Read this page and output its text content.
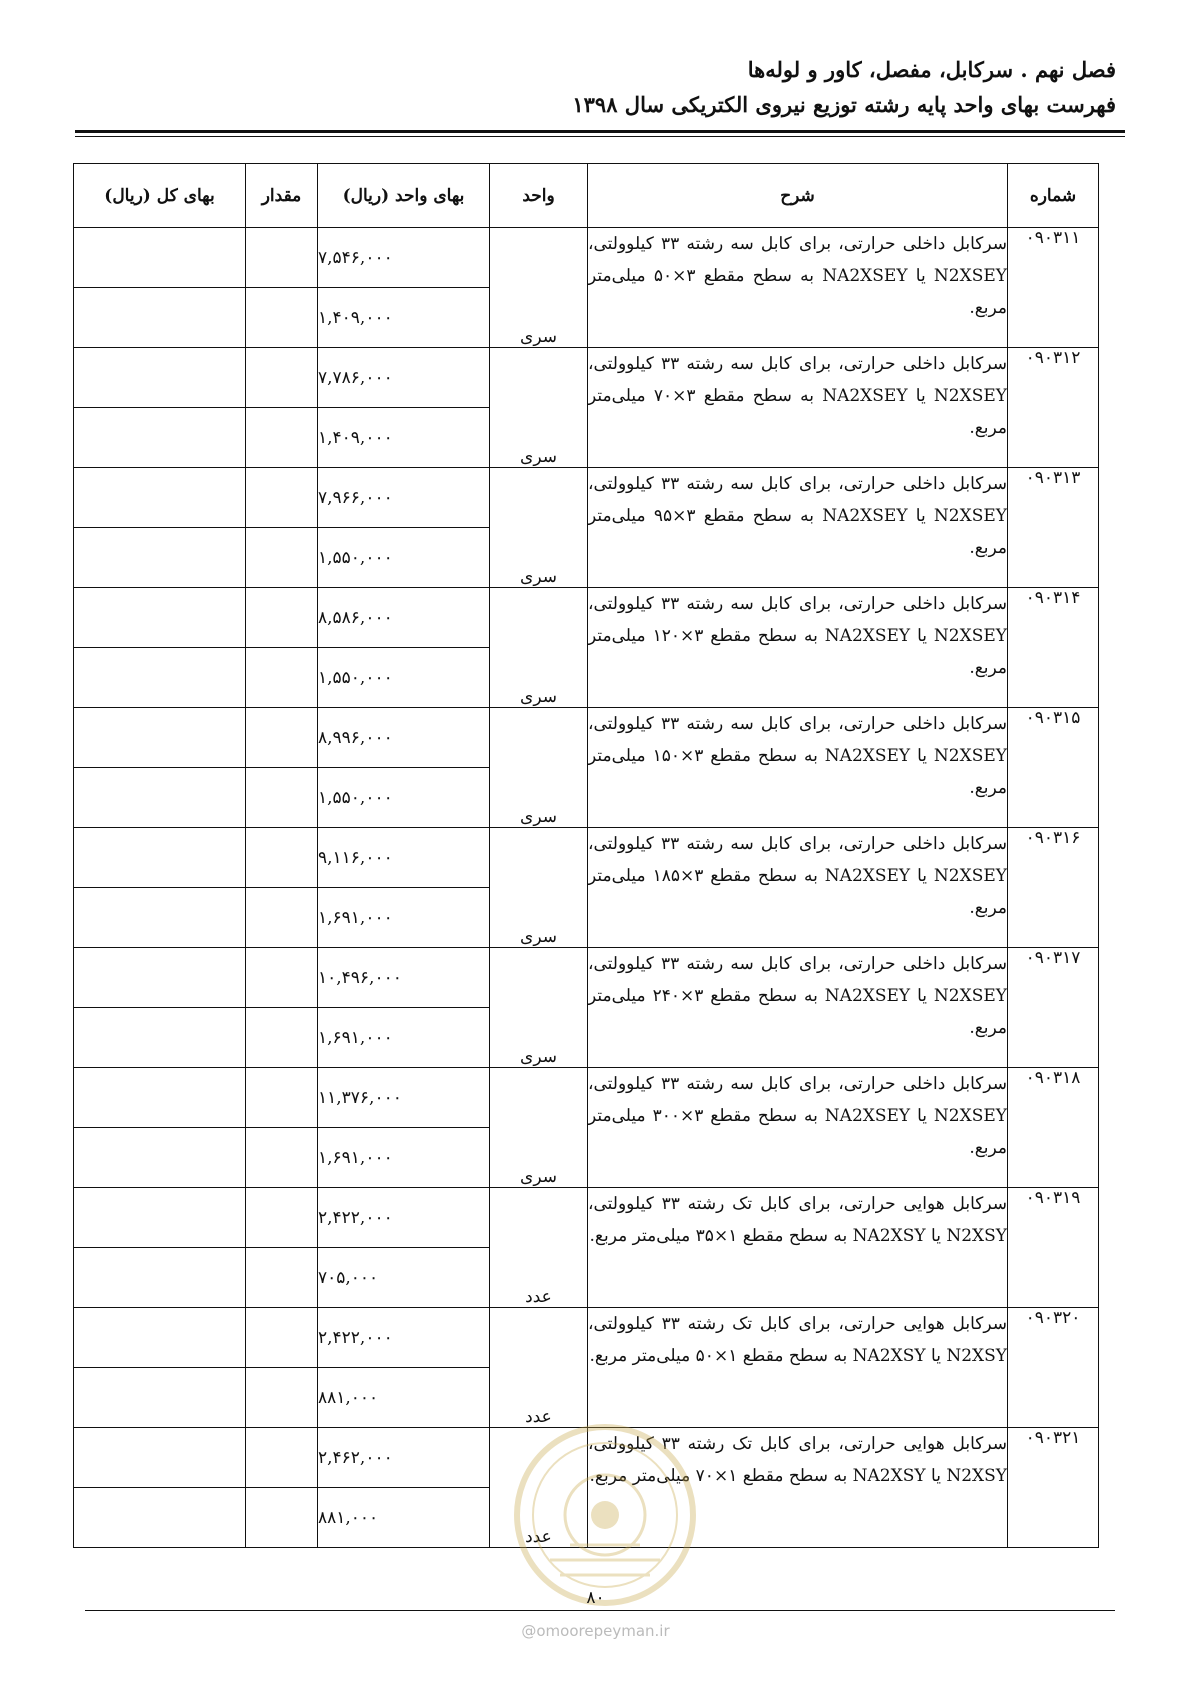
فصل نهم . سرکابل، مفصل، کاور و لوله‌ها
فهرست بهای واحد پایه رشته توزیع نیروی الکتریکی سال ۱۳۹۸
شماره	شرح	واحد	بهای واحد (ریال)	مقدار	بهای کل (ریال)
۰۹۰۳۱۱	سرکابل داخلی حرارتی، برای کابل سه رشته ۳۳ کیلوولتی، N2XSEY یا NA2XSEY به سطح مقطع ۳×۵۰ میلی‌متر مربع.	سری	۷,۵۴۶,۰۰۰		
			۱,۴۰۹,۰۰۰		
۰۹۰۳۱۲	سرکابل داخلی حرارتی، برای کابل سه رشته ۳۳ کیلوولتی، N2XSEY یا NA2XSEY به سطح مقطع ۳×۷۰ میلی‌متر مربع.	سری	۷,۷۸۶,۰۰۰		
			۱,۴۰۹,۰۰۰		
۰۹۰۳۱۳	سرکابل داخلی حرارتی، برای کابل سه رشته ۳۳ کیلوولتی، N2XSEY یا NA2XSEY به سطح مقطع ۳×۹۵ میلی‌متر مربع.	سری	۷,۹۶۶,۰۰۰		
			۱,۵۵۰,۰۰۰		
۰۹۰۳۱۴	سرکابل داخلی حرارتی، برای کابل سه رشته ۳۳ کیلوولتی، N2XSEY یا NA2XSEY به سطح مقطع ۳×۱۲۰ میلی‌متر مربع.	سری	۸,۵۸۶,۰۰۰		
			۱,۵۵۰,۰۰۰		
۰۹۰۳۱۵	سرکابل داخلی حرارتی، برای کابل سه رشته ۳۳ کیلوولتی، N2XSEY یا NA2XSEY به سطح مقطع ۳×۱۵۰ میلی‌متر مربع.	سری	۸,۹۹۶,۰۰۰		
			۱,۵۵۰,۰۰۰		
۰۹۰۳۱۶	سرکابل داخلی حرارتی، برای کابل سه رشته ۳۳ کیلوولتی، N2XSEY یا NA2XSEY به سطح مقطع ۳×۱۸۵ میلی‌متر مربع.	سری	۹,۱۱۶,۰۰۰		
			۱,۶۹۱,۰۰۰		
۰۹۰۳۱۷	سرکابل داخلی حرارتی، برای کابل سه رشته ۳۳ کیلوولتی، N2XSEY یا NA2XSEY به سطح مقطع ۳×۲۴۰ میلی‌متر مربع.	سری	۱۰,۴۹۶,۰۰۰		
			۱,۶۹۱,۰۰۰		
۰۹۰۳۱۸	سرکابل داخلی حرارتی، برای کابل سه رشته ۳۳ کیلوولتی، N2XSEY یا NA2XSEY به سطح مقطع ۳×۳۰۰ میلی‌متر مربع.	سری	۱۱,۳۷۶,۰۰۰		
			۱,۶۹۱,۰۰۰		
۰۹۰۳۱۹	سرکابل هوایی حرارتی، برای کابل تک رشته ۳۳ کیلوولتی، N2XSY یا NA2XSY به سطح مقطع ۱×۳۵ میلی‌متر مربع.	عدد	۲,۴۲۲,۰۰۰		
			۷۰۵,۰۰۰		
۰۹۰۳۲۰	سرکابل هوایی حرارتی، برای کابل تک رشته ۳۳ کیلوولتی، N2XSY یا NA2XSY به سطح مقطع ۱×۵۰ میلی‌متر مربع.	عدد	۲,۴۲۲,۰۰۰		
			۸۸۱,۰۰۰		
۰۹۰۳۲۱	سرکابل هوایی حرارتی، برای کابل تک رشته ۳۳ کیلوولتی، N2XSY یا NA2XSY به سطح مقطع ۱×۷۰ میلی‌متر مربع.	عدد	۲,۴۶۲,۰۰۰		
			۸۸۱,۰۰۰		
۸۰
@omoorepeyman.ir
